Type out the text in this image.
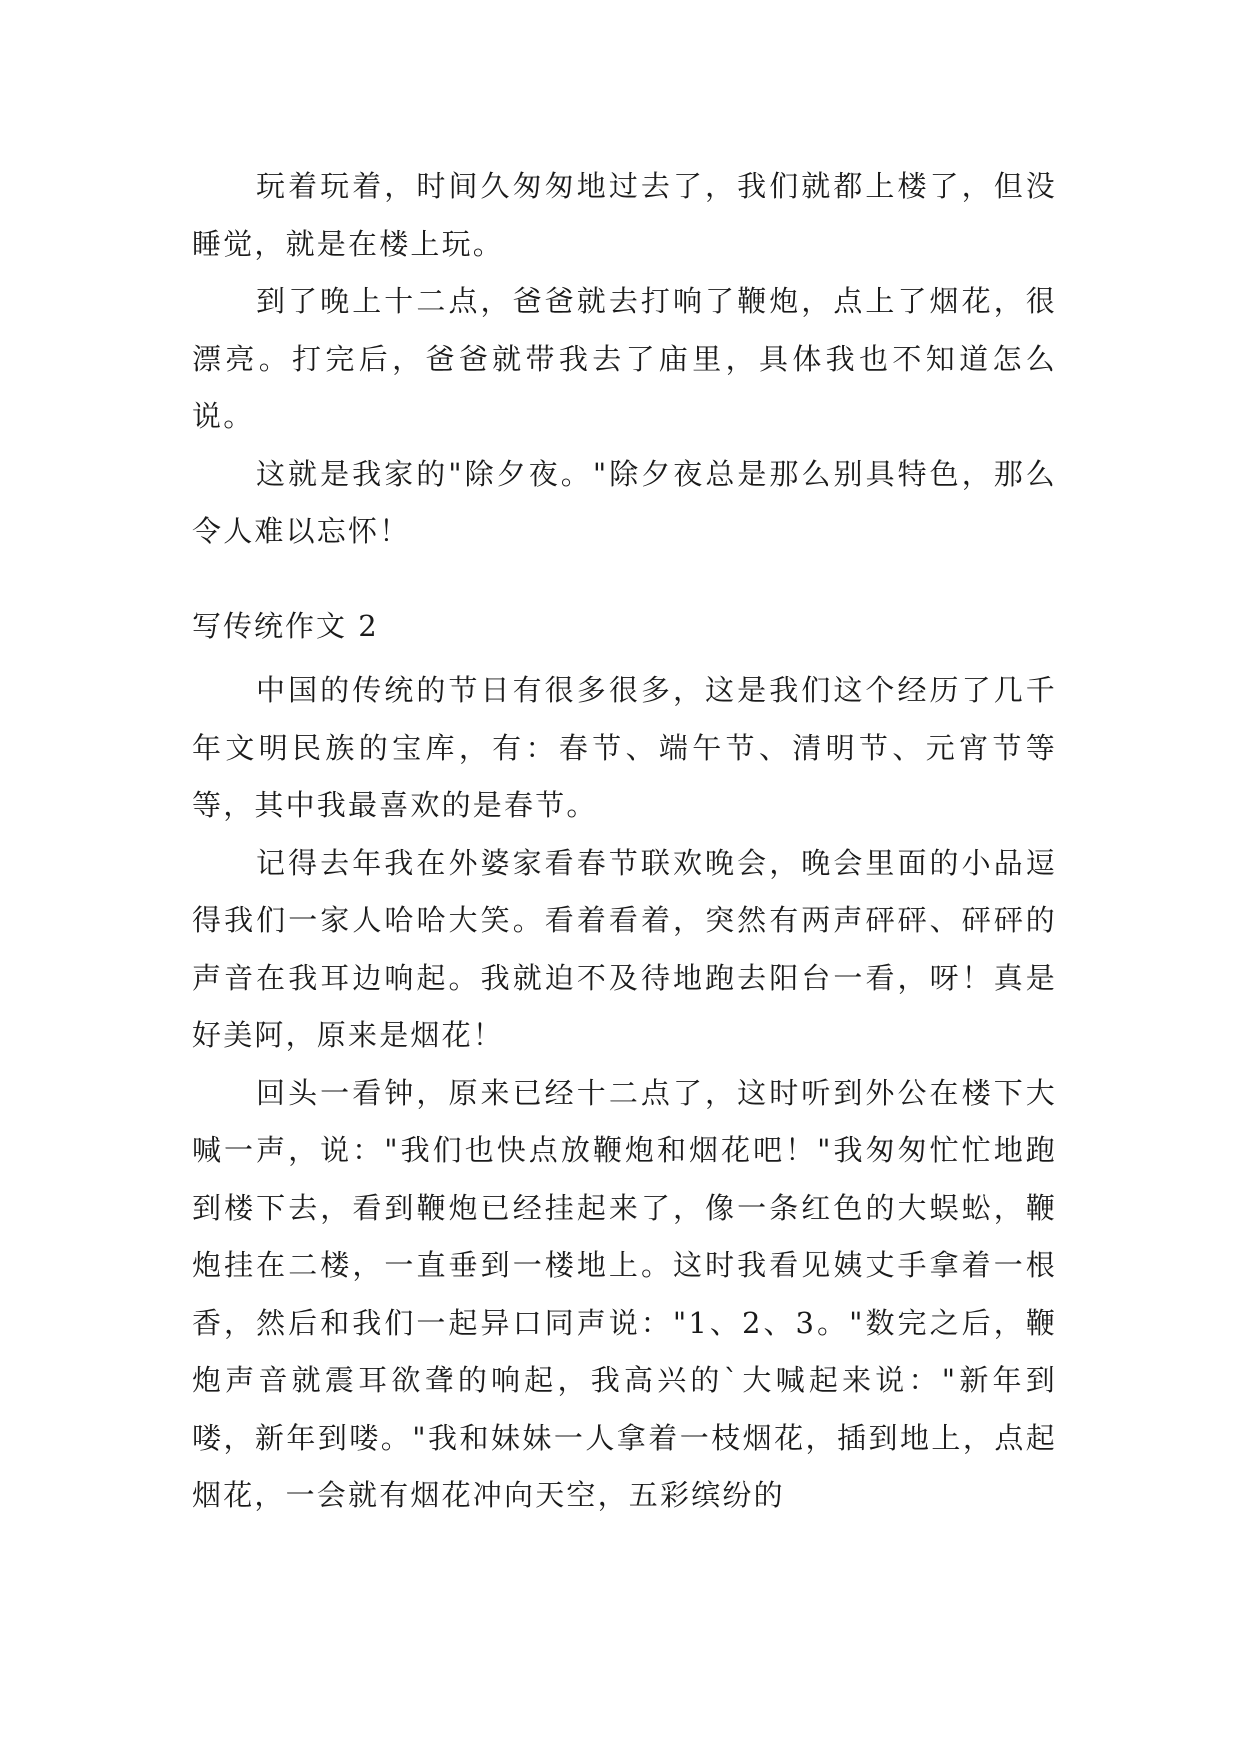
玩着玩着，时间久匆匆地过去了，我们就都上楼了，但没睡觉，就是在楼上玩。

到了晚上十二点，爸爸就去打响了鞭炮，点上了烟花，很漂亮。打完后，爸爸就带我去了庙里，具体我也不知道怎么说。

这就是我家的"除夕夜。"除夕夜总是那么别具特色，那么令人难以忘怀！

写传统作文 2

中国的传统的节日有很多很多，这是我们这个经历了几千年文明民族的宝库，有：春节、端午节、清明节、元宵节等等，其中我最喜欢的是春节。

记得去年我在外婆家看春节联欢晚会，晚会里面的小品逗得我们一家人哈哈大笑。看着看着，突然有两声砰砰、砰砰的声音在我耳边响起。我就迫不及待地跑去阳台一看，呀！真是好美阿，原来是烟花！

回头一看钟，原来已经十二点了，这时听到外公在楼下大喊一声，说："我们也快点放鞭炮和烟花吧！"我匆匆忙忙地跑到楼下去，看到鞭炮已经挂起来了，像一条红色的大蜈蚣，鞭炮挂在二楼，一直垂到一楼地上。这时我看见姨丈手拿着一根香，然后和我们一起异口同声说："1、2、3。"数完之后，鞭炮声音就震耳欲聋的响起，我高兴的`大喊起来说："新年到喽，新年到喽。"我和妹妹一人拿着一枝烟花，插到地上，点起烟花，一会就有烟花冲向天空，五彩缤纷的
